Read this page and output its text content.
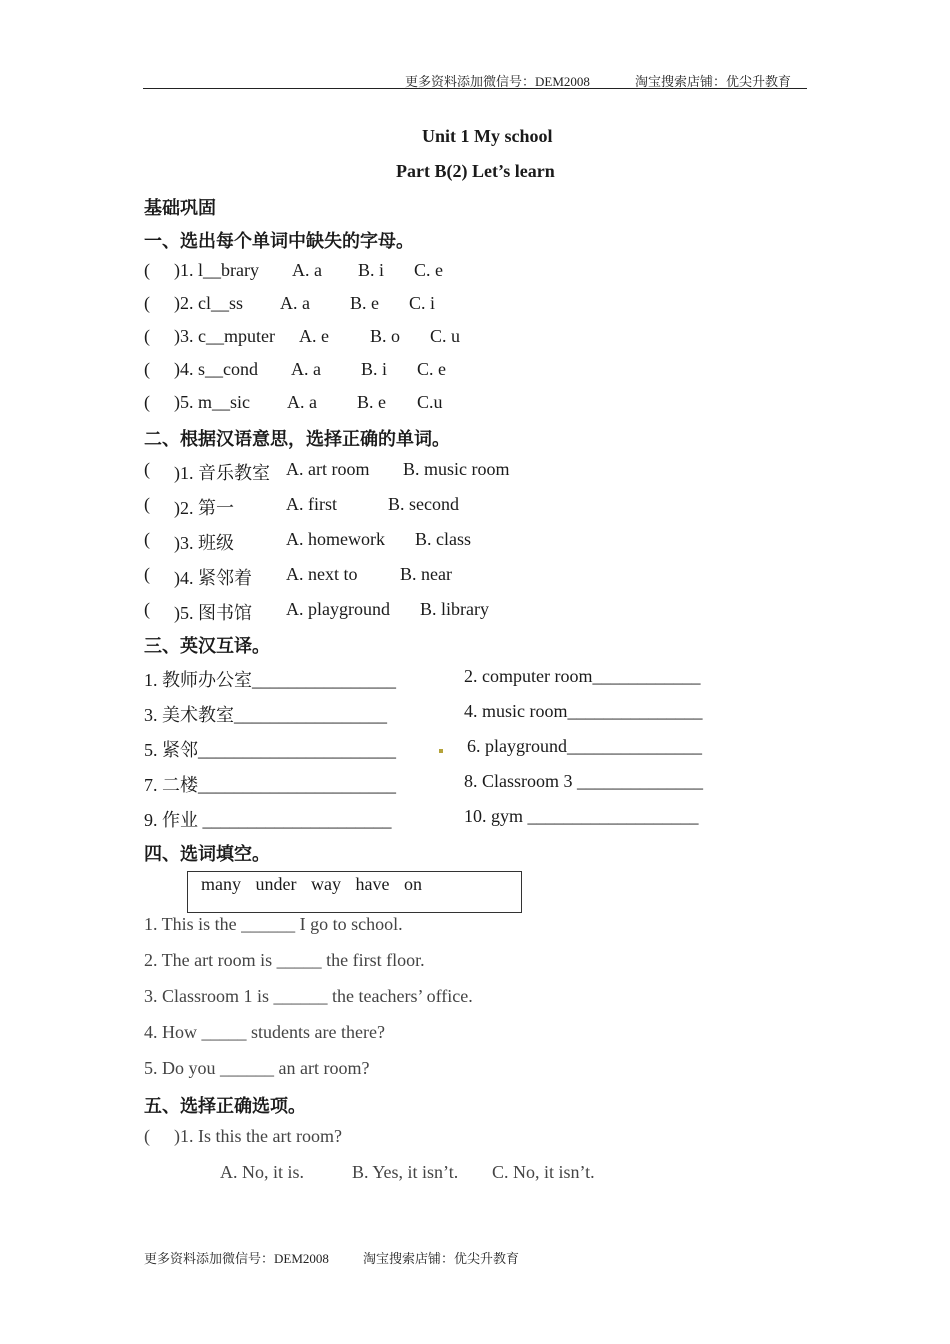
更多资料添加微信号：DEM2008	淘宝搜索店铺：优尖升教育
Unit 1 My school
Part B(2) Let’s learn
基础巩固
一、选出每个单词中缺失的字母。
(	)1. l__brary A. a B. i C. e
(	)2. cl__ss A. a B. e C. i
(	)3. c__mputer A. e B. o C. u
(	)4. s__cond A. a B. i C. e
(	)5. m__sic A. a B. e C.u
二、根据汉语意思，选择正确的单词。
(	)1. 音乐教室 A. art room B. music room
(	)2. 第一	A. first	B. second
(	)3. 班级	A. homework B. class
(	)4. 紧邻着 A. next to B. near
(	)5. 图书馆 A. playground B. library
三、英汉互译。
1. 教师办公室________________	2. computer room____________
3. 美术教室_________________	4. music room_______________
5. 紧邻______________________	6. playground_______________
7. 二楼______________________	8. Classroom 3 ______________
9. 作业 _____________________	10. gym ___________________
四、选词填空。
many under way have on
1. This is the ______ I go to school.
2. The art room is _____ the first floor.
3. Classroom 1 is ______ the teachers’ office.
4. How _____ students are there?
5. Do you ______ an art room?
五、选择正确选项。
(	)1. Is this the art room?
A. No, it is.	B. Yes, it isn’t. C. No, it isn’t.
更多资料添加微信号：DEM2008	淘宝搜索店铺：优尖升教育
